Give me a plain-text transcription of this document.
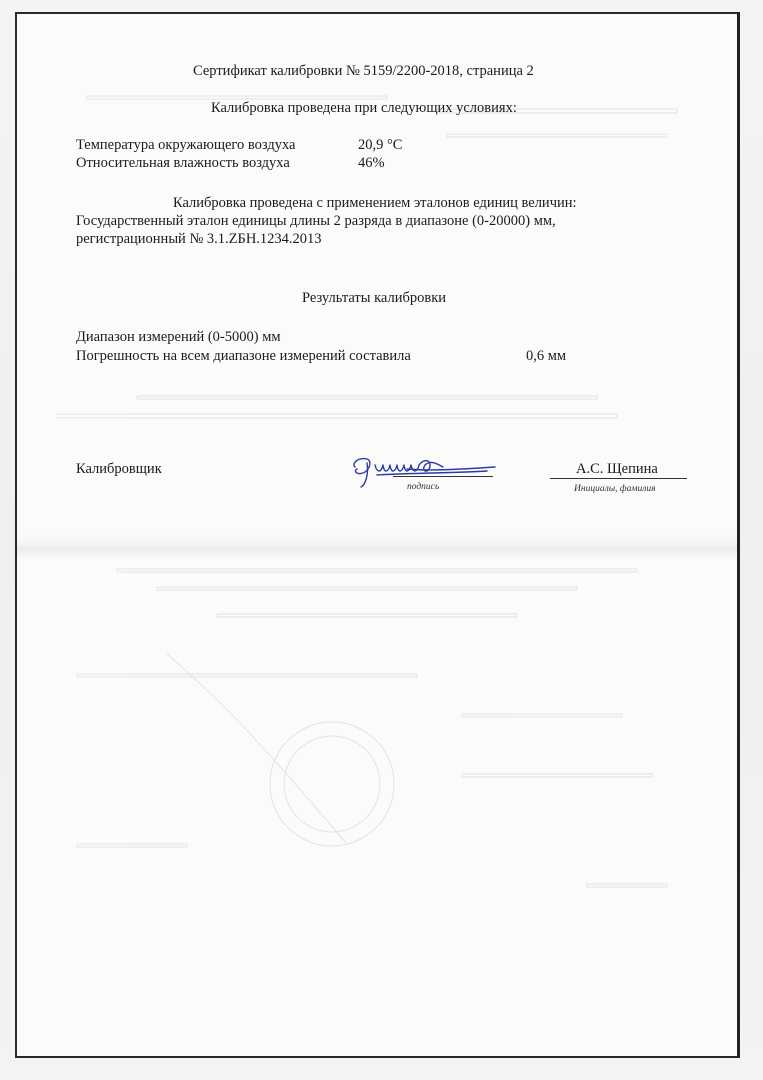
Сертификат калибровки № 5159/2200-2018, страница 2
Калибровка проведена при следующих условиях:
Температура окружающего воздуха	20,9 °С
Относительная влажность воздуха	46%
Калибровка проведена с применением эталонов единиц величин:
Государственный эталон единицы длины 2 разряда в диапазоне (0-20000) мм,
регистрационный № 3.1.ZБН.1234.2013
Результаты калибровки
Диапазон измерений (0-5000) мм
Погрешность на всем диапазоне измерений составила	0,6 мм
Калибровщик
подпись
А.С. Щепина
Инициалы, фамилия
